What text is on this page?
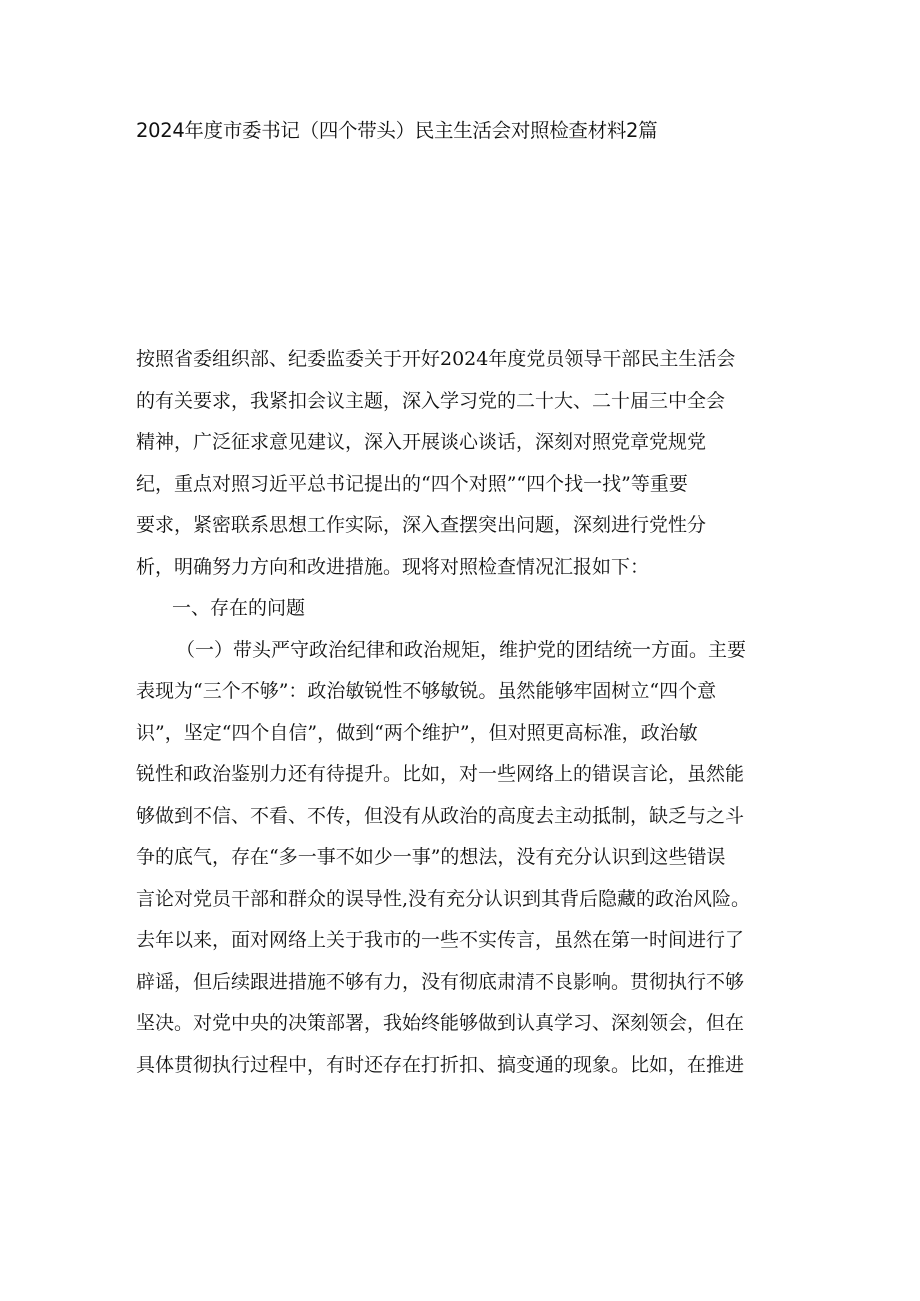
2024年度市委书记（四个带头）民主生活会对照检查材料2篇
按照省委组织部、纪委监委关于开好2024年度党员领导干部民主生活会
的有关要求，我紧扣会议主题，深入学习党的二十大、二十届三中全会
精神，广泛征求意见建议，深入开展谈心谈话，深刻对照党章党规党
纪，重点对照习近平总书记提出的“四个对照”“四个找一找”等重要
要求，紧密联系思想工作实际，深入查摆突出问题，深刻进行党性分
析，明确努力方向和改进措施。现将对照检查情况汇报如下：
一、存在的问题
（一）带头严守政治纪律和政治规矩，维护党的团结统一方面。主要
表现为“三个不够”：政治敏锐性不够敏锐。虽然能够牢固树立“四个意
识”，坚定“四个自信”，做到“两个维护”，但对照更高标准，政治敏
锐性和政治鉴别力还有待提升。比如，对一些网络上的错误言论，虽然能
够做到不信、不看、不传，但没有从政治的高度去主动抵制，缺乏与之斗
争的底气，存在“多一事不如少一事”的想法，没有充分认识到这些错误
言论对党员干部和群众的误导性,没有充分认识到其背后隐藏的政治风险。
去年以来，面对网络上关于我市的一些不实传言，虽然在第一时间进行了
辟谣，但后续跟进措施不够有力，没有彻底肃清不良影响。贯彻执行不够
坚决。对党中央的决策部署，我始终能够做到认真学习、深刻领会，但在
具体贯彻执行过程中，有时还存在打折扣、搞变通的现象。比如，在推进
